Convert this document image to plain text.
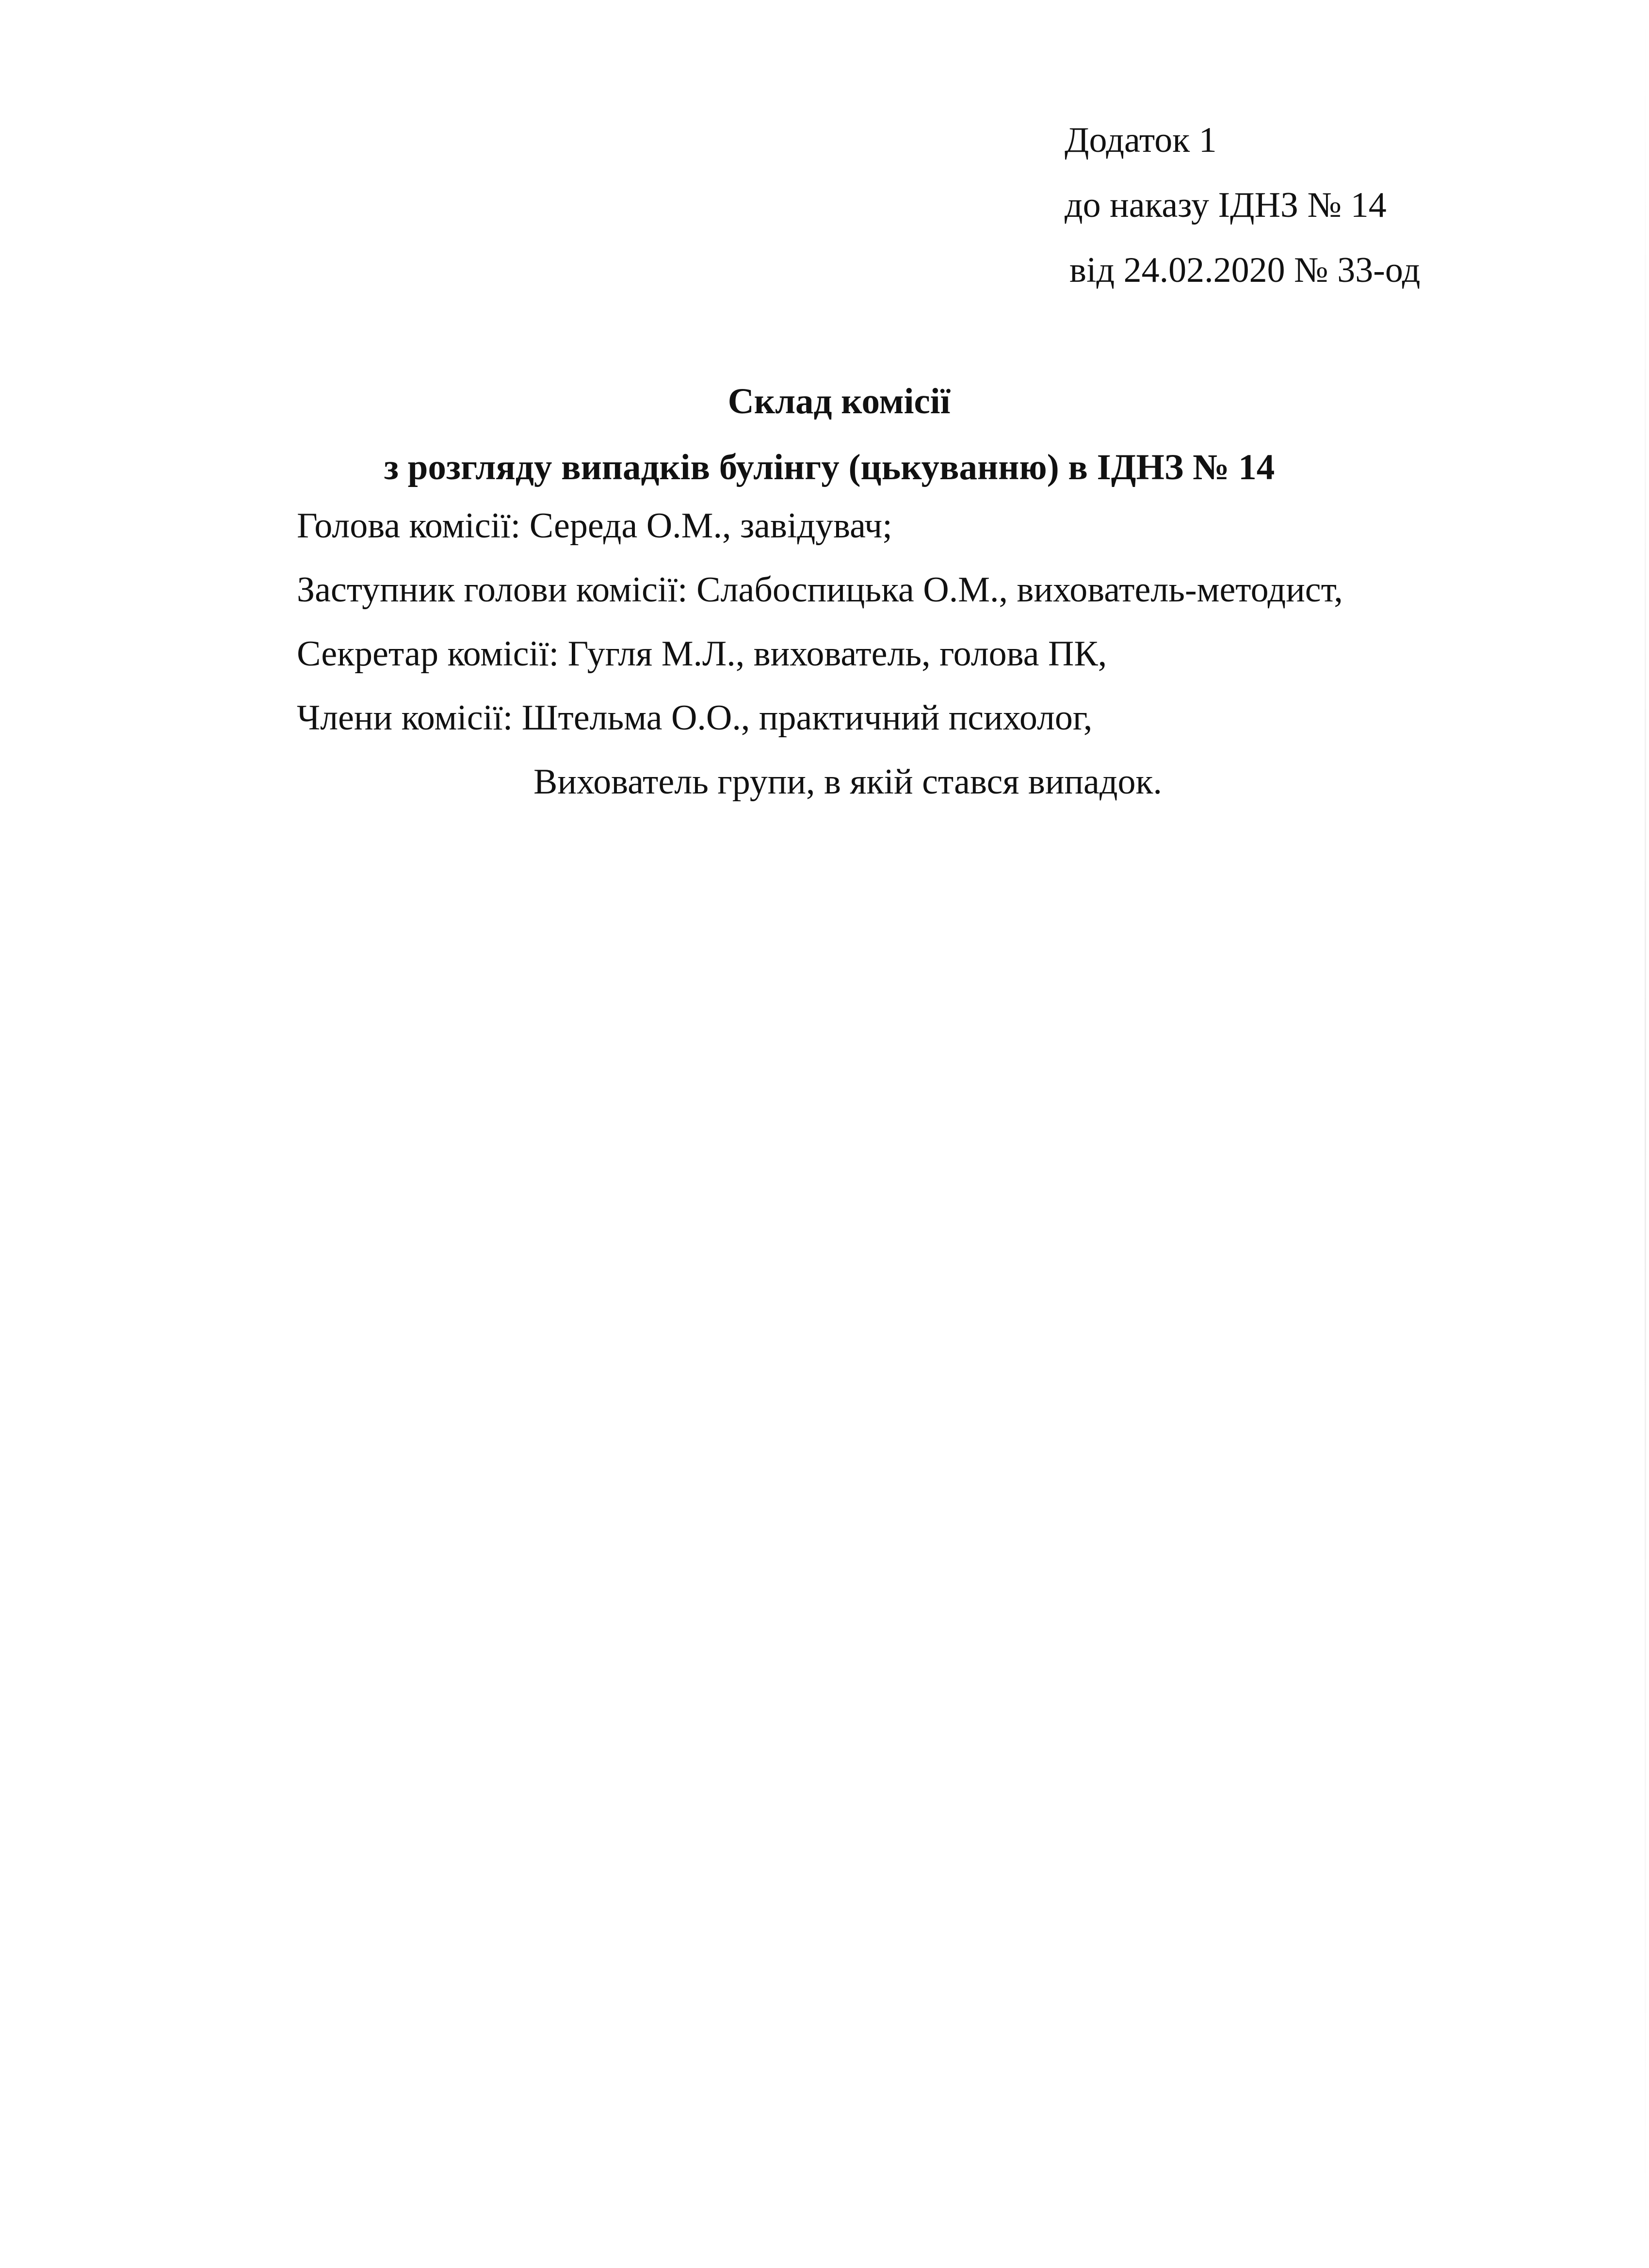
Додаток 1
до наказу ІДНЗ № 14
від 24.02.2020 № 33-од
Склад комісії
з розгляду випадків булінгу (цькуванню) в ІДНЗ № 14
Голова комісії: Середа О.М., завідувач;
Заступник голови комісії: Слабоспицька О.М., вихователь-методист,
Секретар комісії: Гугля М.Л., вихователь, голова ПК,
Члени комісії: Штельма О.О., практичний психолог,
Вихователь групи, в якій стався випадок.
